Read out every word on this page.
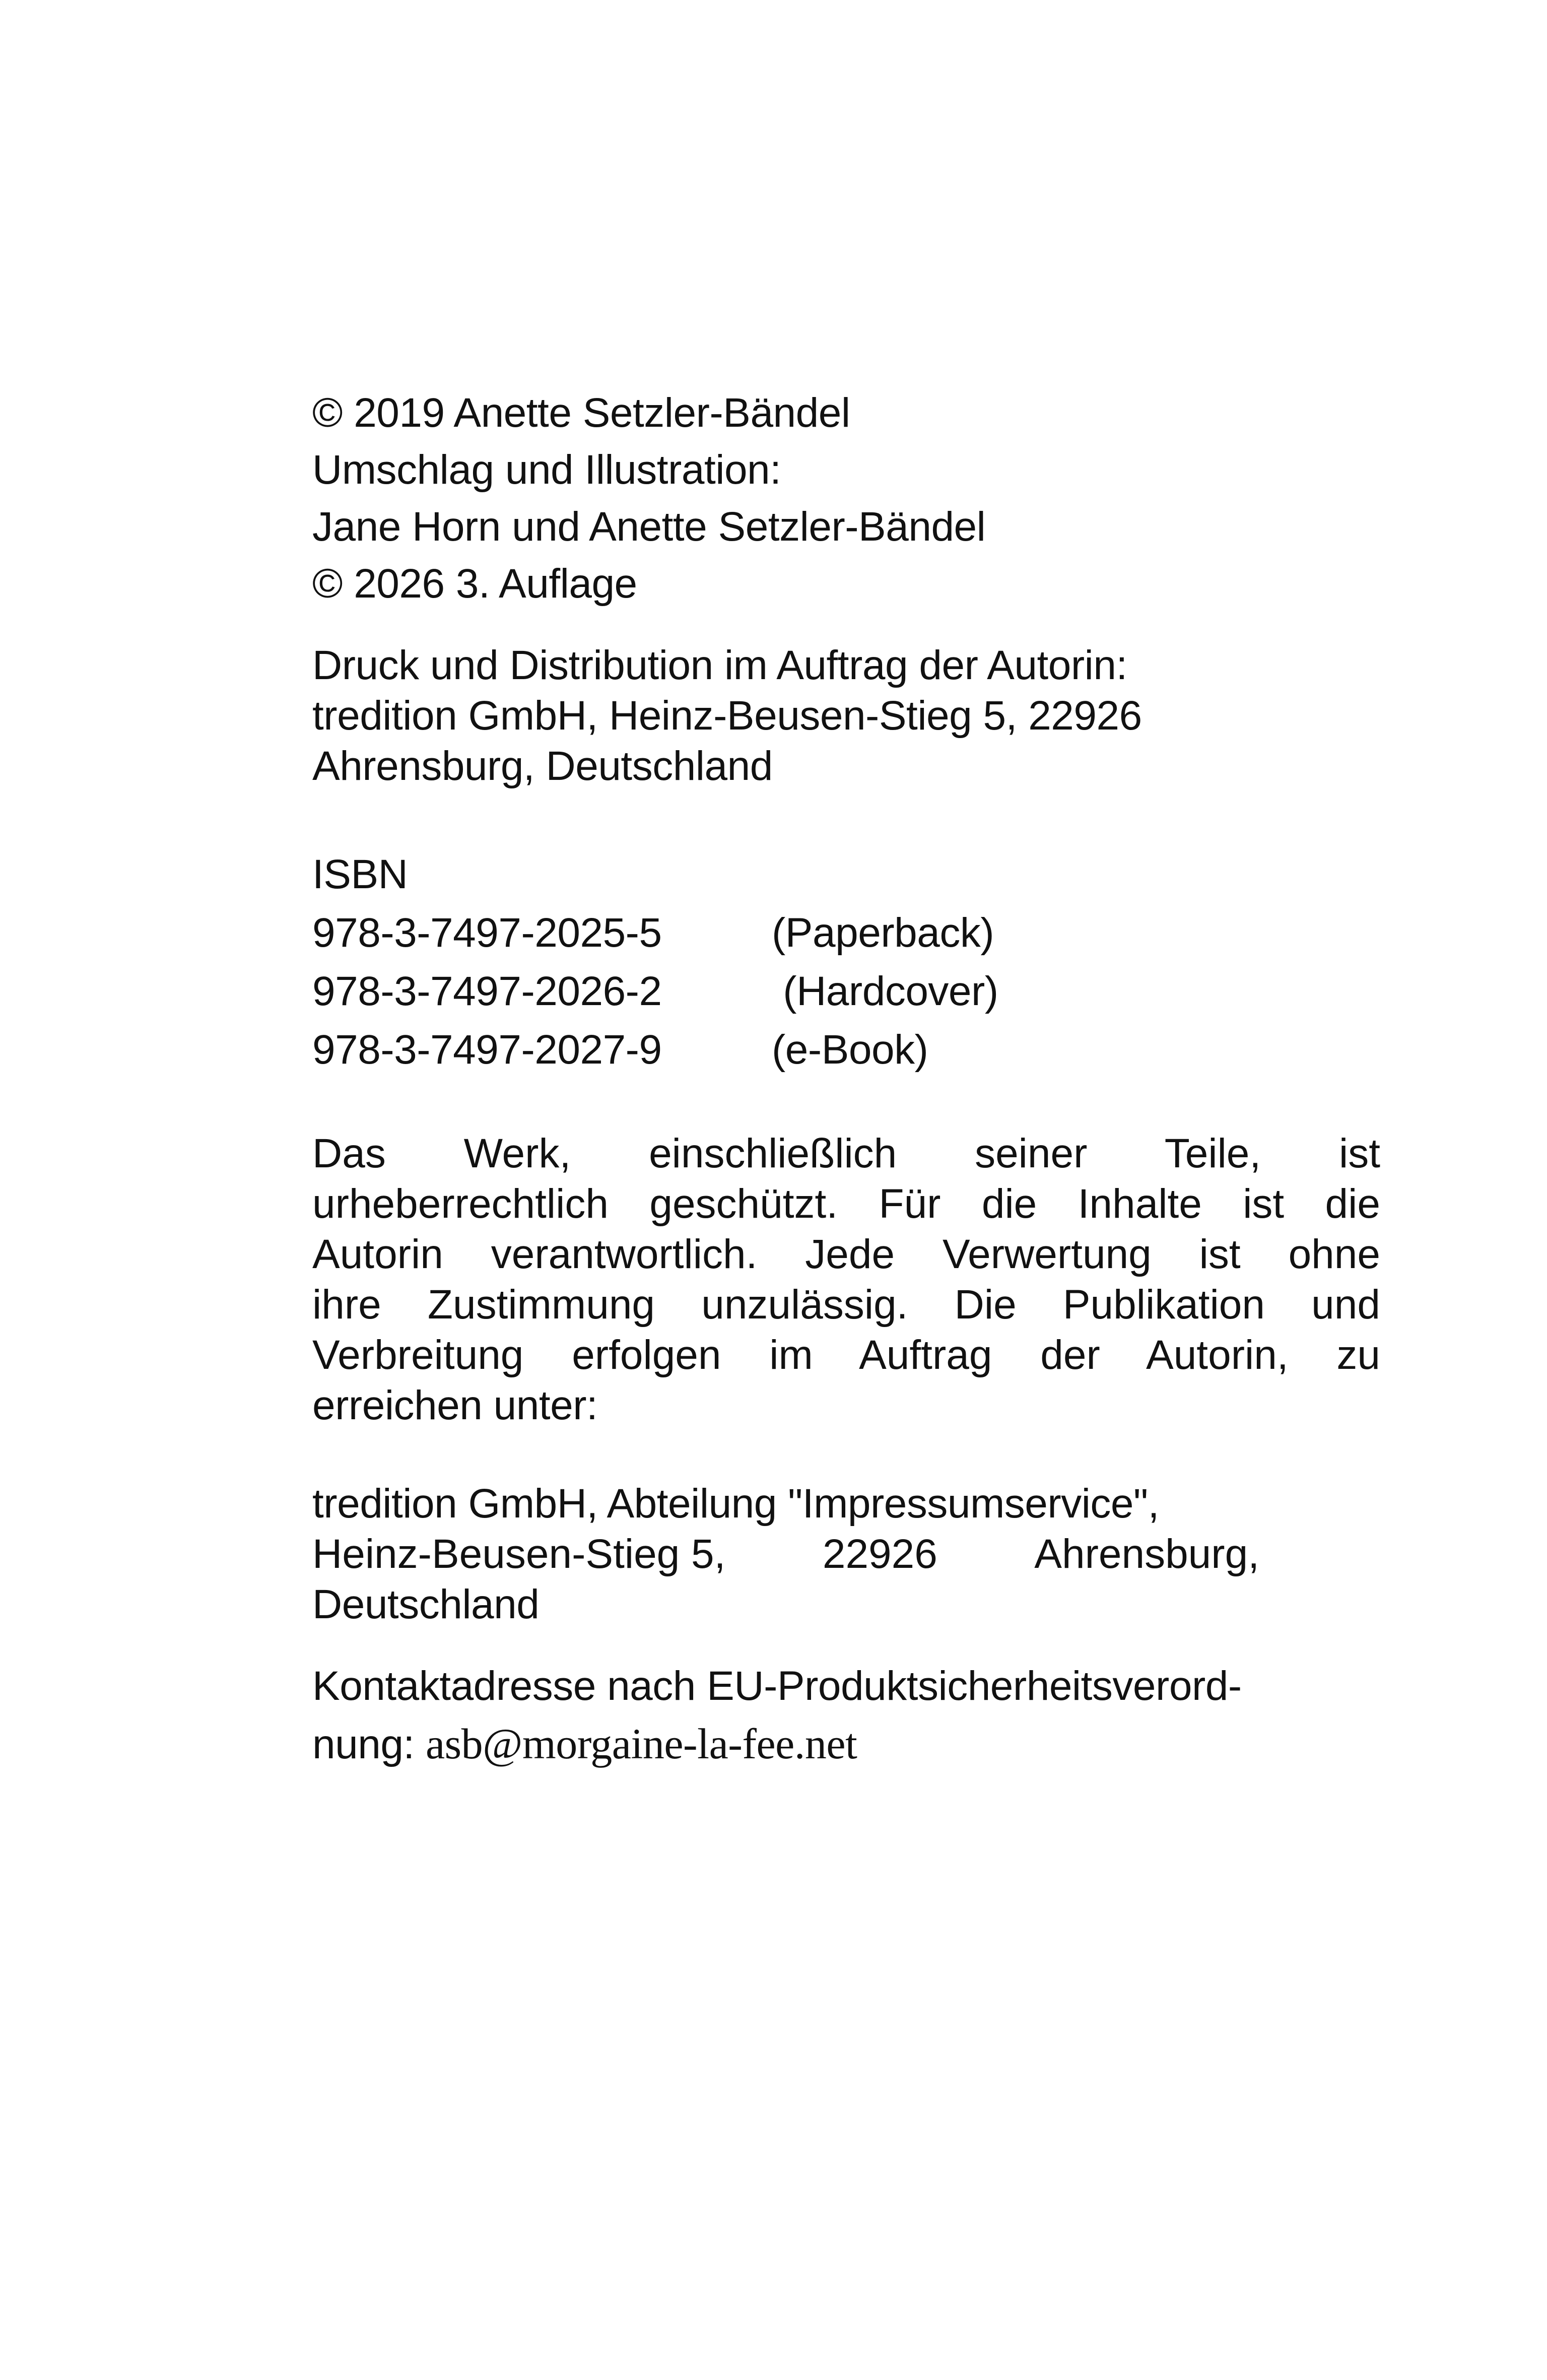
© 2019 Anette Setzler-Bändel
Umschlag und Illustration:
Jane Horn und Anette Setzler-Bändel
© 2026 3. Auflage
Druck und Distribution im Auftrag der Autorin:
tredition GmbH, Heinz-Beusen-Stieg 5, 22926
Ahrensburg, Deutschland
ISBN
978-3-7497-2025-5	(Paperback)
978-3-7497-2026-2	(Hardcover)
978-3-7497-2027-9	(e-Book)
Das Werk, einschließlich seiner Teile, ist
urheberrechtlich geschützt. Für die Inhalte ist die
Autorin verantwortlich. Jede Verwertung ist ohne
ihre Zustimmung unzulässig. Die Publikation und
Verbreitung erfolgen im Auftrag der Autorin, zu
erreichen unter:
tredition GmbH, Abteilung "Impressumservice",
Heinz-Beusen-Stieg 5, 22926 Ahrensburg,
Deutschland
Kontaktadresse nach EU-Produktsicherheitsverord-
nung: asb@morgaine-la-fee.net
